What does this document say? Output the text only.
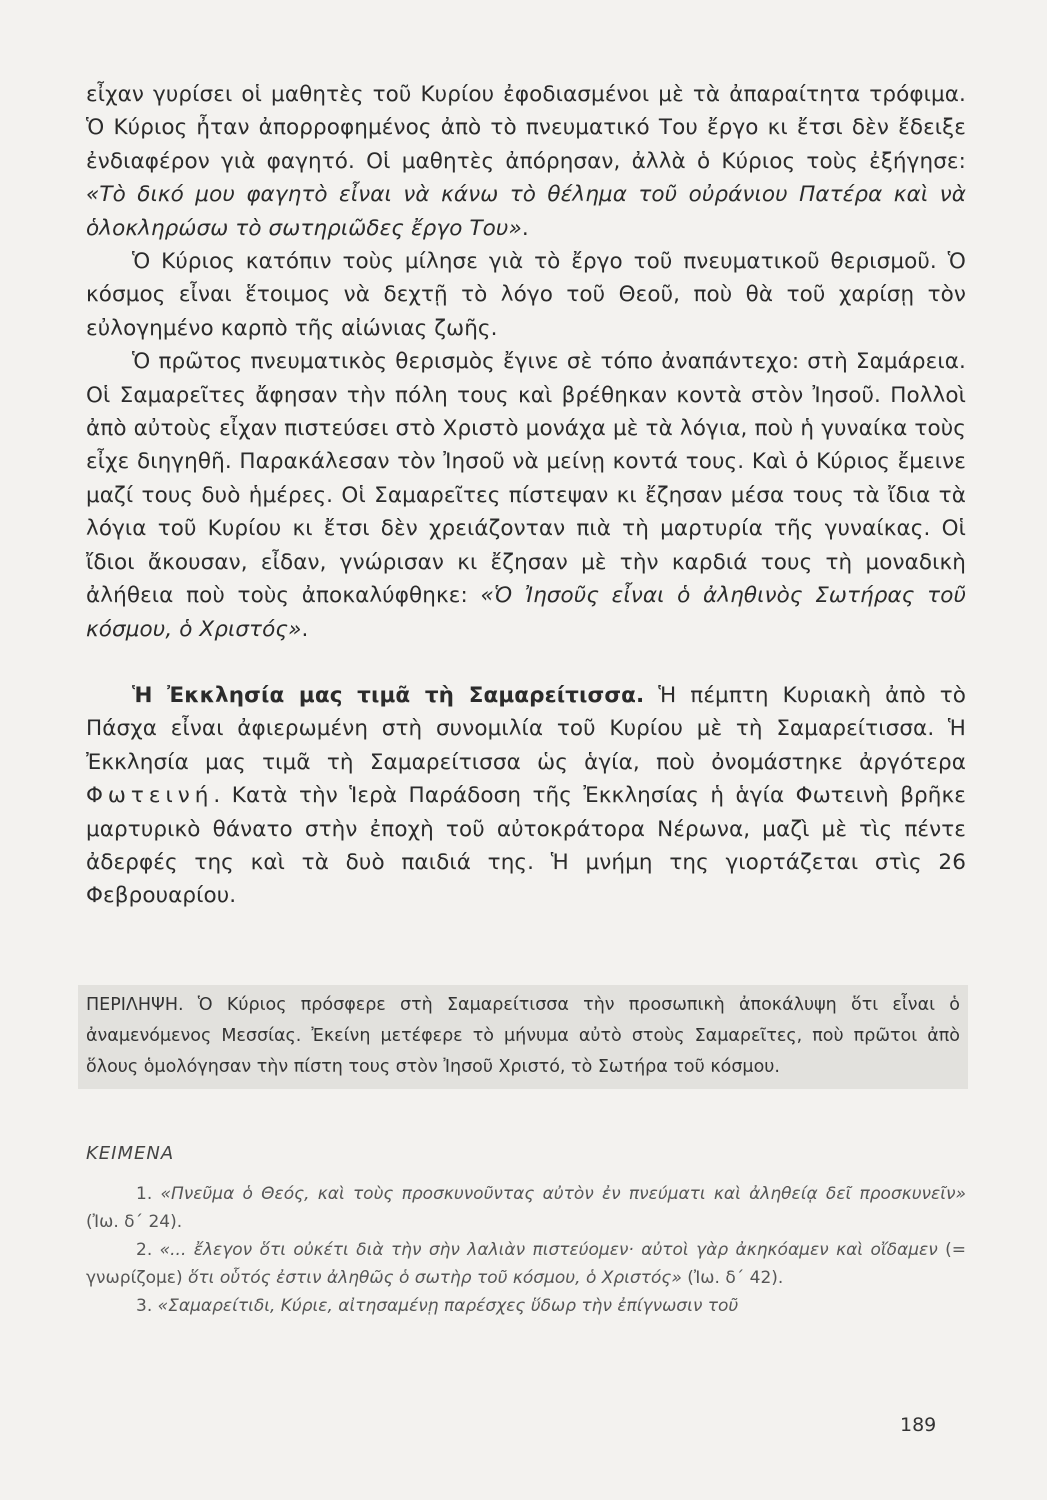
εἶχαν γυρίσει οἱ μαθητὲς τοῦ Κυρίου ἐφοδιασμένοι μὲ τὰ ἀπαραίτητα τρόφιμα. Ὁ Κύριος ἦταν ἀπορροφημένος ἀπὸ τὸ πνευματικό Του ἔργο κι ἔτσι δὲν ἔδειξε ἐνδιαφέρον γιὰ φαγητό. Οἱ μαθητὲς ἀπόρησαν, ἀλλὰ ὁ Κύριος τοὺς ἐξήγησε: «Τὸ δικό μου φαγητὸ εἶναι νὰ κάνω τὸ θέλημα τοῦ οὐράνιου Πατέρα καὶ νὰ ὁλοκληρώσω τὸ σωτηριῶδες ἔργο Του».

Ὁ Κύριος κατόπιν τοὺς μίλησε γιὰ τὸ ἔργο τοῦ πνευματικοῦ θερισμοῦ. Ὁ κόσμος εἶναι ἕτοιμος νὰ δεχτῇ τὸ λόγο τοῦ Θεοῦ, ποὺ θὰ τοῦ χαρίσῃ τὸν εὐλογημένο καρπὸ τῆς αἰώνιας ζωῆς.

Ὁ πρῶτος πνευματικὸς θερισμὸς ἔγινε σὲ τόπο ἀναπάντεχο: στὴ Σαμάρεια. Οἱ Σαμαρεῖτες ἄφησαν τὴν πόλη τους καὶ βρέθηκαν κοντὰ στὸν Ἰησοῦ. Πολλοὶ ἀπὸ αὐτοὺς εἶχαν πιστεύσει στὸ Χριστὸ μονάχα μὲ τὰ λόγια, ποὺ ἡ γυναίκα τοὺς εἶχε διηγηθῆ. Παρακάλεσαν τὸν Ἰησοῦ νὰ μείνῃ κοντά τους. Καὶ ὁ Κύριος ἔμεινε μαζί τους δυὸ ἡμέρες. Οἱ Σαμαρεῖτες πίστεψαν κι ἔζησαν μέσα τους τὰ ἴδια τὰ λόγια τοῦ Κυρίου κι ἔτσι δὲν χρειάζονταν πιὰ τὴ μαρτυρία τῆς γυναίκας. Οἱ ἴδιοι ἄκουσαν, εἶδαν, γνώρισαν κι ἔζησαν μὲ τὴν καρδιά τους τὴ μοναδικὴ ἀλήθεια ποὺ τοὺς ἀποκαλύφθηκε: «Ὁ Ἰησοῦς εἶναι ὁ ἀληθινὸς Σωτήρας τοῦ κόσμου, ὁ Χριστός».

Ἡ Ἐκκλησία μας τιμᾶ τὴ Σαμαρείτισσα. Ἡ πέμπτη Κυριακὴ ἀπὸ τὸ Πάσχα εἶναι ἀφιερωμένη στὴ συνομιλία τοῦ Κυρίου μὲ τὴ Σαμαρείτισσα. Ἡ Ἐκκλησία μας τιμᾶ τὴ Σαμαρείτισσα ὡς ἁγία, ποὺ ὀνομάστηκε ἀργότερα Φωτεινή. Κατὰ τὴν Ἱερὰ Παράδοση τῆς Ἐκκλησίας ἡ ἁγία Φωτεινὴ βρῆκε μαρτυρικὸ θάνατο στὴν ἐποχὴ τοῦ αὐτοκράτορα Νέρωνα, μαζὶ μὲ τὶς πέντε ἀδερφές της καὶ τὰ δυὸ παιδιά της. Ἡ μνήμη της γιορτάζεται στὶς 26 Φεβρουαρίου.

ΠΕΡΙΛΗΨΗ. Ὁ Κύριος πρόσφερε στὴ Σαμαρείτισσα τὴν προσωπικὴ ἀποκάλυψη ὅτι εἶναι ὁ ἀναμενόμενος Μεσσίας. Ἐκείνη μετέφερε τὸ μήνυμα αὐτὸ στοὺς Σαμαρεῖτες, ποὺ πρῶτοι ἀπὸ ὅλους ὁμολόγησαν τὴν πίστη τους στὸν Ἰησοῦ Χριστό, τὸ Σωτήρα τοῦ κόσμου.
ΚΕΙΜΕΝΑ

1. «Πνεῦμα ὁ Θεός, καὶ τοὺς προσκυνοῦντας αὐτὸν ἐν πνεύματι καὶ ἀληθείᾳ δεῖ προσκυνεῖν» (Ἰω. δ΄ 24).

2. «... ἔλεγον ὅτι οὐκέτι διὰ τὴν σὴν λαλιὰν πιστεύομεν· αὐτοὶ γὰρ ἀκηκόαμεν καὶ οἴδαμεν (= γνωρίζομε) ὅτι οὗτός ἐστιν ἀληθῶς ὁ σωτὴρ τοῦ κόσμου, ὁ Χριστός» (Ἰω. δ΄ 42).

3. «Σαμαρείτιδι, Κύριε, αἰτησαμένῃ παρέσχες ὕδωρ τὴν ἐπίγνωσιν τοῦ

189
